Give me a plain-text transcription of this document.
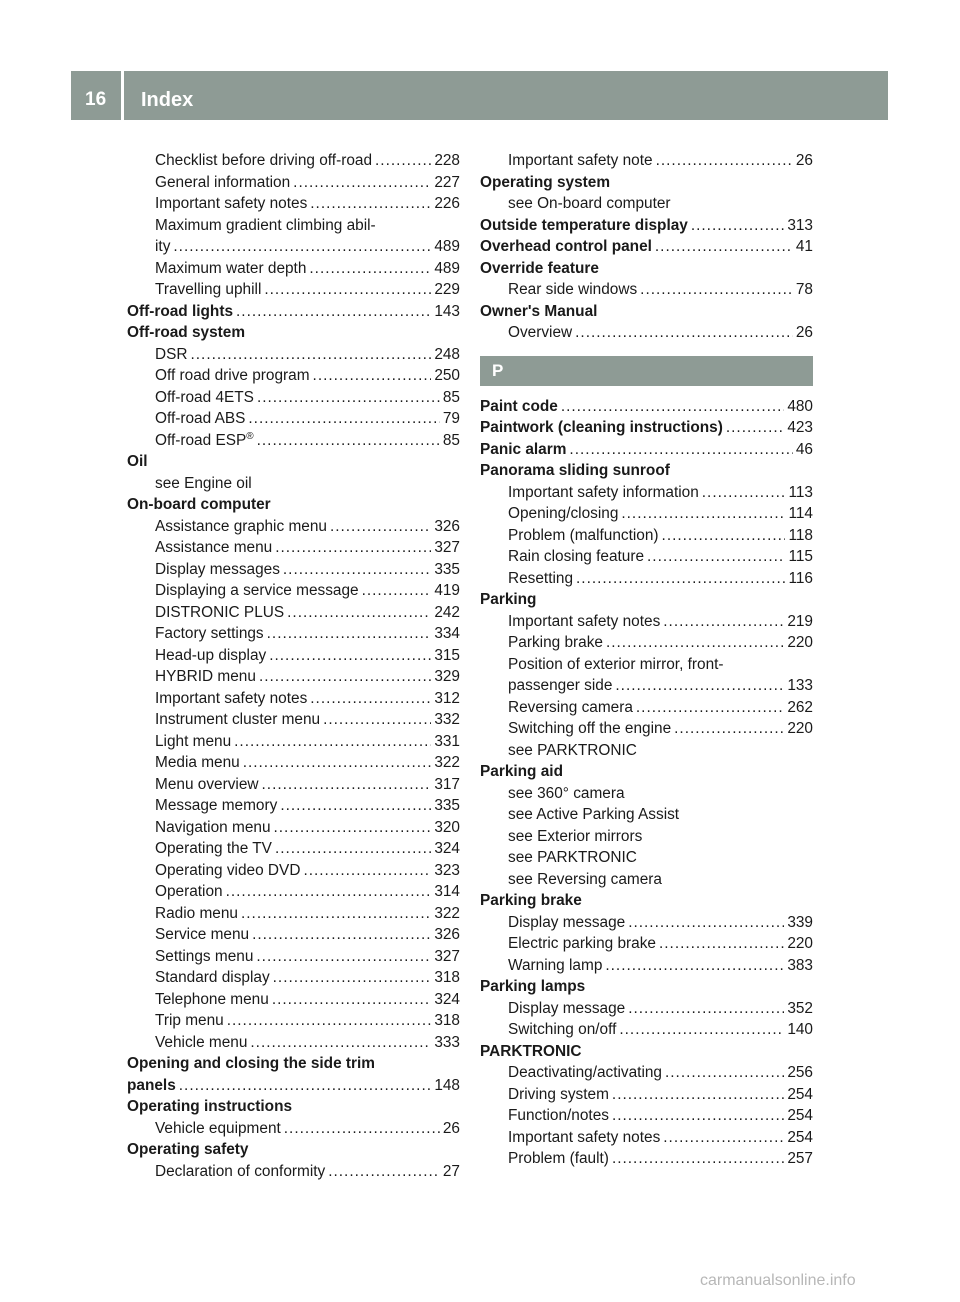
16 Index
Checklist before driving off-road .....	228
General information .....	227
Important safety notes .....	226
Maximum gradient climbing abil-
ity .....	489
Maximum water depth .....	489
Travelling uphill .....	229
Off-road lights .....	143
Off-road system
DSR .....	248
Off road drive program .....	250
Off-road 4ETS .....	85
Off-road ABS .....	79
Off-road ESP® .....	85
Oil
see Engine oil
On-board computer
Assistance graphic menu .....	326
Assistance menu .....	327
Display messages .....	335
Displaying a service message .....	419
DISTRONIC PLUS .....	242
Factory settings .....	334
Head-up display .....	315
HYBRID menu .....	329
Important safety notes .....	312
Instrument cluster menu .....	332
Light menu .....	331
Media menu .....	322
Menu overview .....	317
Message memory .....	335
Navigation menu .....	320
Operating the TV .....	324
Operating video DVD .....	323
Operation .....	314
Radio menu .....	322
Service menu .....	326
Settings menu .....	327
Standard display .....	318
Telephone menu .....	324
Trip menu .....	318
Vehicle menu .....	333
Opening and closing the side trim
panels .....	148
Operating instructions
Vehicle equipment .....	26
Operating safety
Declaration of conformity .....	27
Important safety note .....	26
Operating system
see On-board computer
Outside temperature display .....	313
Overhead control panel .....	41
Override feature
Rear side windows .....	78
Owner's Manual
Overview .....	26
P
Paint code .....	480
Paintwork (cleaning instructions) .....	423
Panic alarm .....	46
Panorama sliding sunroof
Important safety information .....	113
Opening/closing .....	114
Problem (malfunction) .....	118
Rain closing feature .....	115
Resetting .....	116
Parking
Important safety notes .....	219
Parking brake .....	220
Position of exterior mirror, front-
passenger side .....	133
Reversing camera .....	262
Switching off the engine .....	220
see PARKTRONIC
Parking aid
see 360° camera
see Active Parking Assist
see Exterior mirrors
see PARKTRONIC
see Reversing camera
Parking brake
Display message .....	339
Electric parking brake .....	220
Warning lamp .....	383
Parking lamps
Display message .....	352
Switching on/off .....	140
PARKTRONIC
Deactivating/activating .....	256
Driving system .....	254
Function/notes .....	254
Important safety notes .....	254
Problem (fault) .....	257
carmanualsonline.info
